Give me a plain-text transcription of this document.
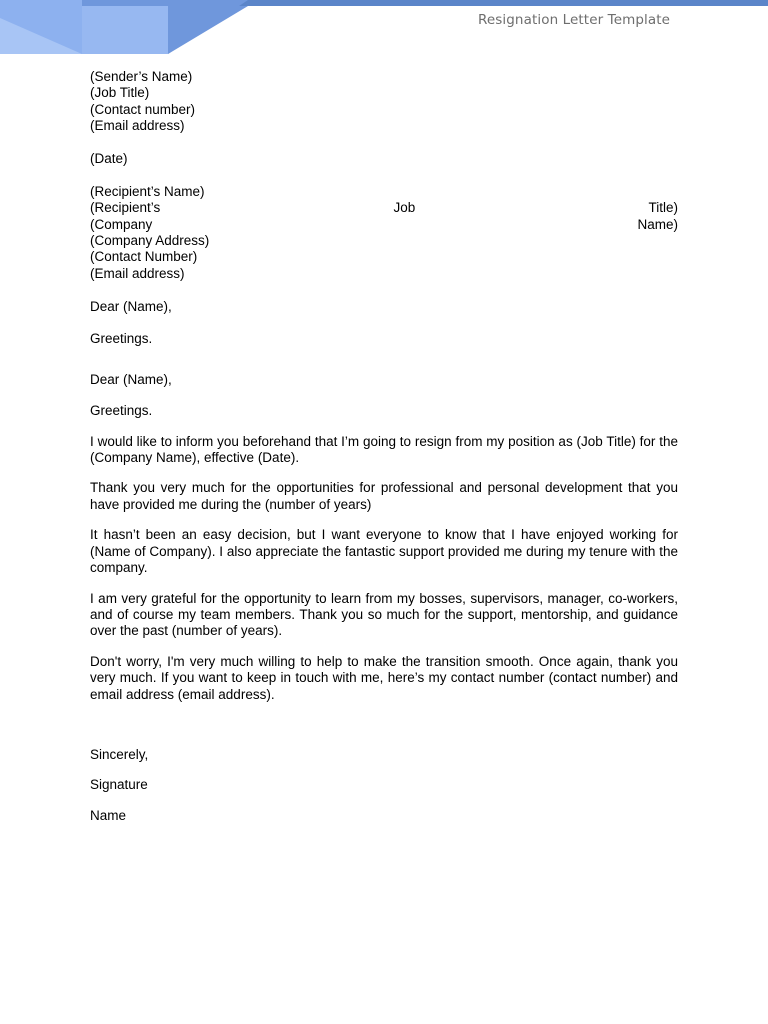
Resignation Letter Template
(Sender’s Name)
(Job Title)
(Contact number)
(Email address)
(Date)
(Recipient’s Name)
(Recipient’s	Job	Title)
(Company	Name)
(Company Address)
(Contact Number)
(Email address)
Dear (Name),
Greetings.
Dear (Name),
Greetings.

I would like to inform you beforehand that I’m going to resign from my position as (Job Title) for the (Company Name), effective (Date).

Thank you very much for the opportunities for professional and personal development that you have provided me during the (number of years)

It hasn’t been an easy decision, but I want everyone to know that I have enjoyed working for (Name of Company). I also appreciate the fantastic support provided me during my tenure with the company.

I am very grateful for the opportunity to learn from my bosses, supervisors, manager, co-workers, and of course my team members. Thank you so much for the support, mentorship, and guidance over the past (number of years).

Don't worry, I'm very much willing to help to make the transition smooth. Once again, thank you very much. If you want to keep in touch with me, here’s my contact number (contact number) and email address (email address).

Sincerely,
Signature
Name
